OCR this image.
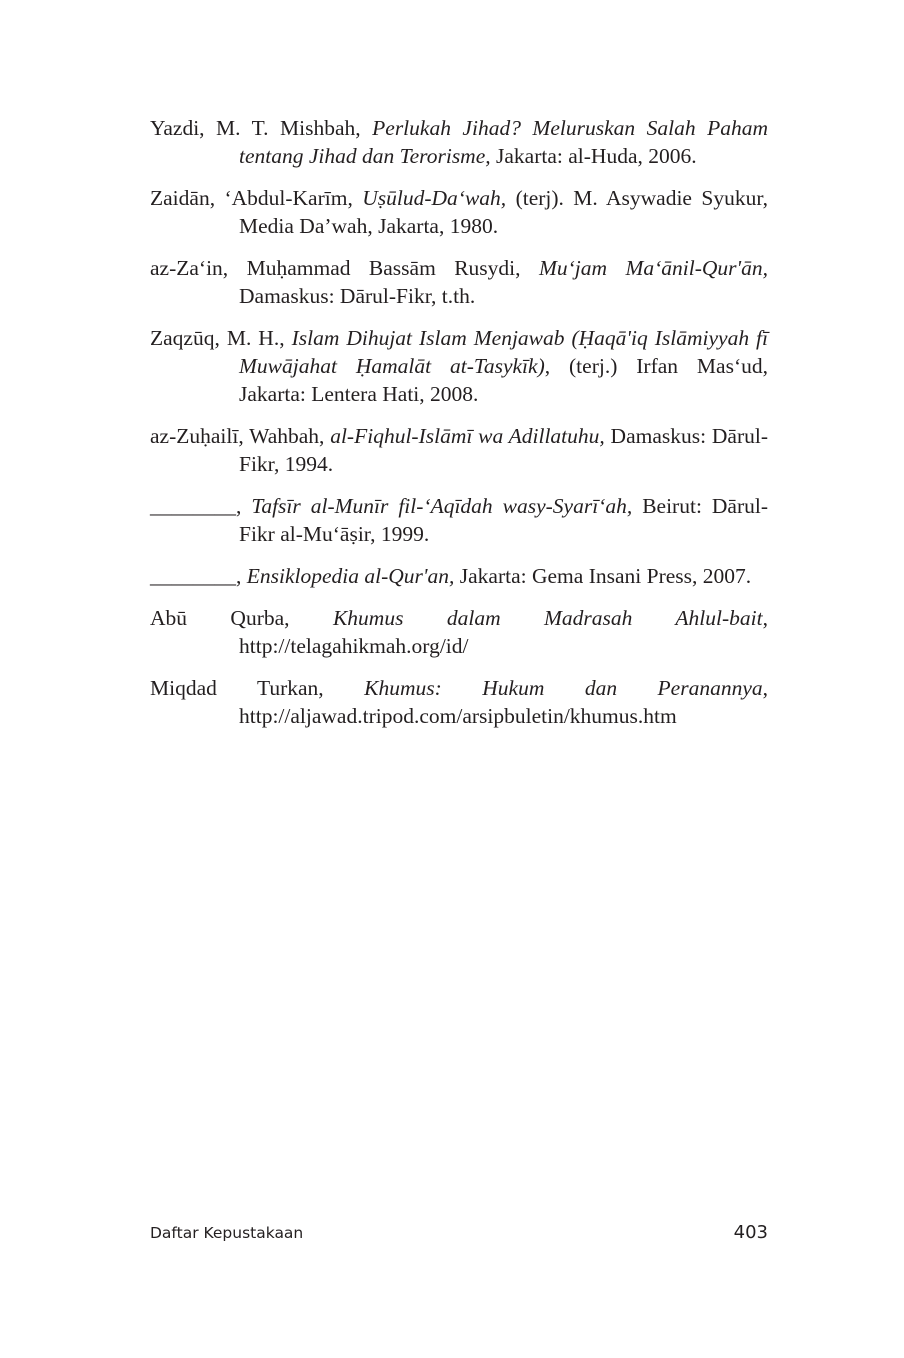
Yazdi, M. T. Mishbah, Perlukah Jihad? Meluruskan Salah Paham tentang Jihad dan Terorisme, Jakarta: al-Huda, 2006.

Zaidān, ‘Abdul-Karīm, Uṣūlud-Da‘wah, (terj). M. Asywadie Syukur, Media Da’wah, Jakarta, 1980.

az-Za‘in, Muḥammad Bassām Rusydi, Mu‘jam Ma‘ānil-Qur'ān, Damaskus: Dārul-Fikr, t.th.

Zaqzūq, M. H., Islam Dihujat Islam Menjawab (Ḥaqā'iq Islāmiyyah fī Muwājahat Ḥamalāt at-Tasykīk), (terj.) Irfan Mas‘ud, Jakarta: Lentera Hati, 2008.

az-Zuḥailī, Wahbah, al-Fiqhul-Islāmī wa Adillatuhu, Damaskus: Dārul-Fikr, 1994.

________, Tafsīr al-Munīr fil-‘Aqīdah wasy-Syarī‘ah, Beirut: Dārul-Fikr al-Mu‘āṣir, 1999.

________, Ensiklopedia al-Qur'an, Jakarta: Gema Insani Press, 2007.

Abū Qurba, Khumus dalam Madrasah Ahlul-bait, http://telagahikmah.org/id/

Miqdad Turkan, Khumus: Hukum dan Peranannya, http://aljawad.tripod.com/arsipbuletin/khumus.htm

Daftar Kepustakaan	403
